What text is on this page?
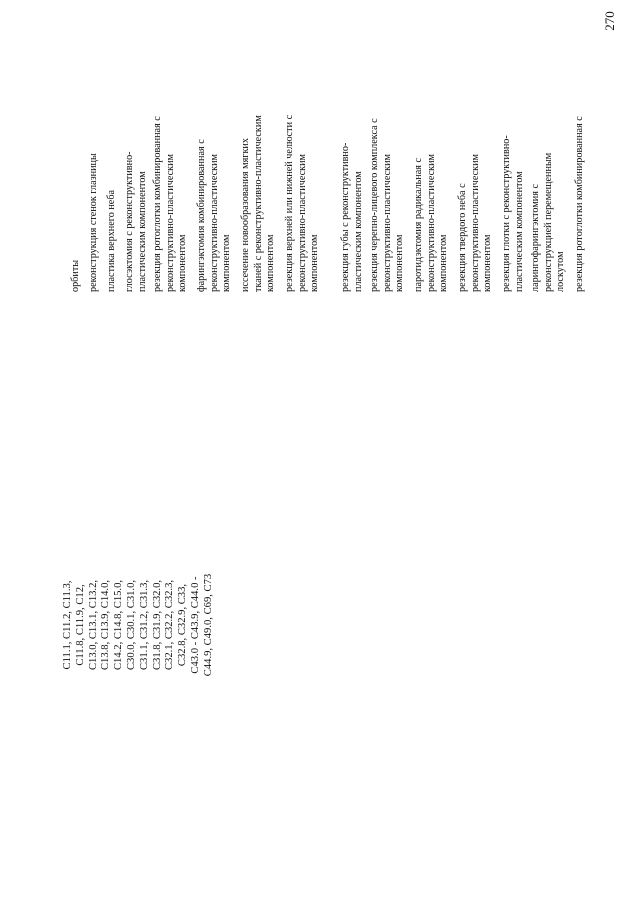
270
C11.1, C11.2, C11.3, C11.8, C11.9, C12, C13.0, C13.1, C13.2, C13.8, C13.9, C14.0, C14.2, C14.8, C15.0, C30.0, C30.1, C31.0, C31.1, C31.2, C31.3, C31.8, C31.9, C32.0, C32.1, C32.2, C32.3, C32.8, C32.9, C33, C43.0 - C43.9, C44.0 - C44.9, C49.0, C69, C73
орбиты реконструкция стенок глазницы пластика верхнего неба глосэктомия с реконструктивно- пластическим компонентом резекция ротоглотки комбинированная с реконструктивно-пластическим компонентом фарингэктомия комбинированная с реконструктивно-пластическим компонентом иссечение новообразования мягких тканей с реконструктивно-пластическим компонентом резекция верхней или нижней челюсти с реконструктивно-пластическим компонентом резекция губы с реконструктивно- пластическим компонентом резекция черепно-лицевого комплекса с реконструктивно-пластическим компонентом паротидэктомия радикальная с реконструктивно-пластическим компонентом резекция твердого неба с реконструктивно-пластическим компонентом резекция глотки с реконструктивно- пластическим компонентом ларингофарингэктомия с реконструкцией перемещенным лоскутом резекция ротоглотки комбинированная с
